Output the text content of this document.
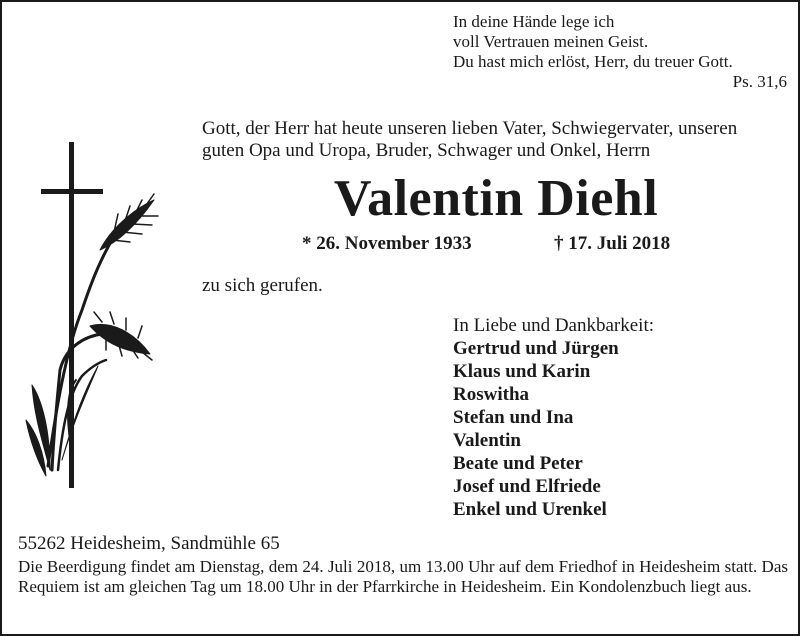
In deine Hände lege ich
voll Vertrauen meinen Geist.
Du hast mich erlöst, Herr, du treuer Gott.
Ps. 31,6
Gott, der Herr hat heute unseren lieben Vater, Schwiegervater, unseren
guten Opa und Uropa, Bruder, Schwager und Onkel, Herrn
Valentin Diehl
* 26. November 1933	† 17. Juli 2018
zu sich gerufen.
In Liebe und Dankbarkeit:
Gertrud und Jürgen
Klaus und Karin
Roswitha
Stefan und Ina
Valentin
Beate und Peter
Josef und Elfriede
Enkel und Urenkel
55262 Heidesheim, Sandmühle 65
Die Beerdigung findet am Dienstag, dem 24. Juli 2018, um 13.00 Uhr auf dem Friedhof in Heidesheim statt. Das Requiem ist am gleichen Tag um 18.00 Uhr in der Pfarrkirche in Heidesheim. Ein Kondolenzbuch liegt aus.
